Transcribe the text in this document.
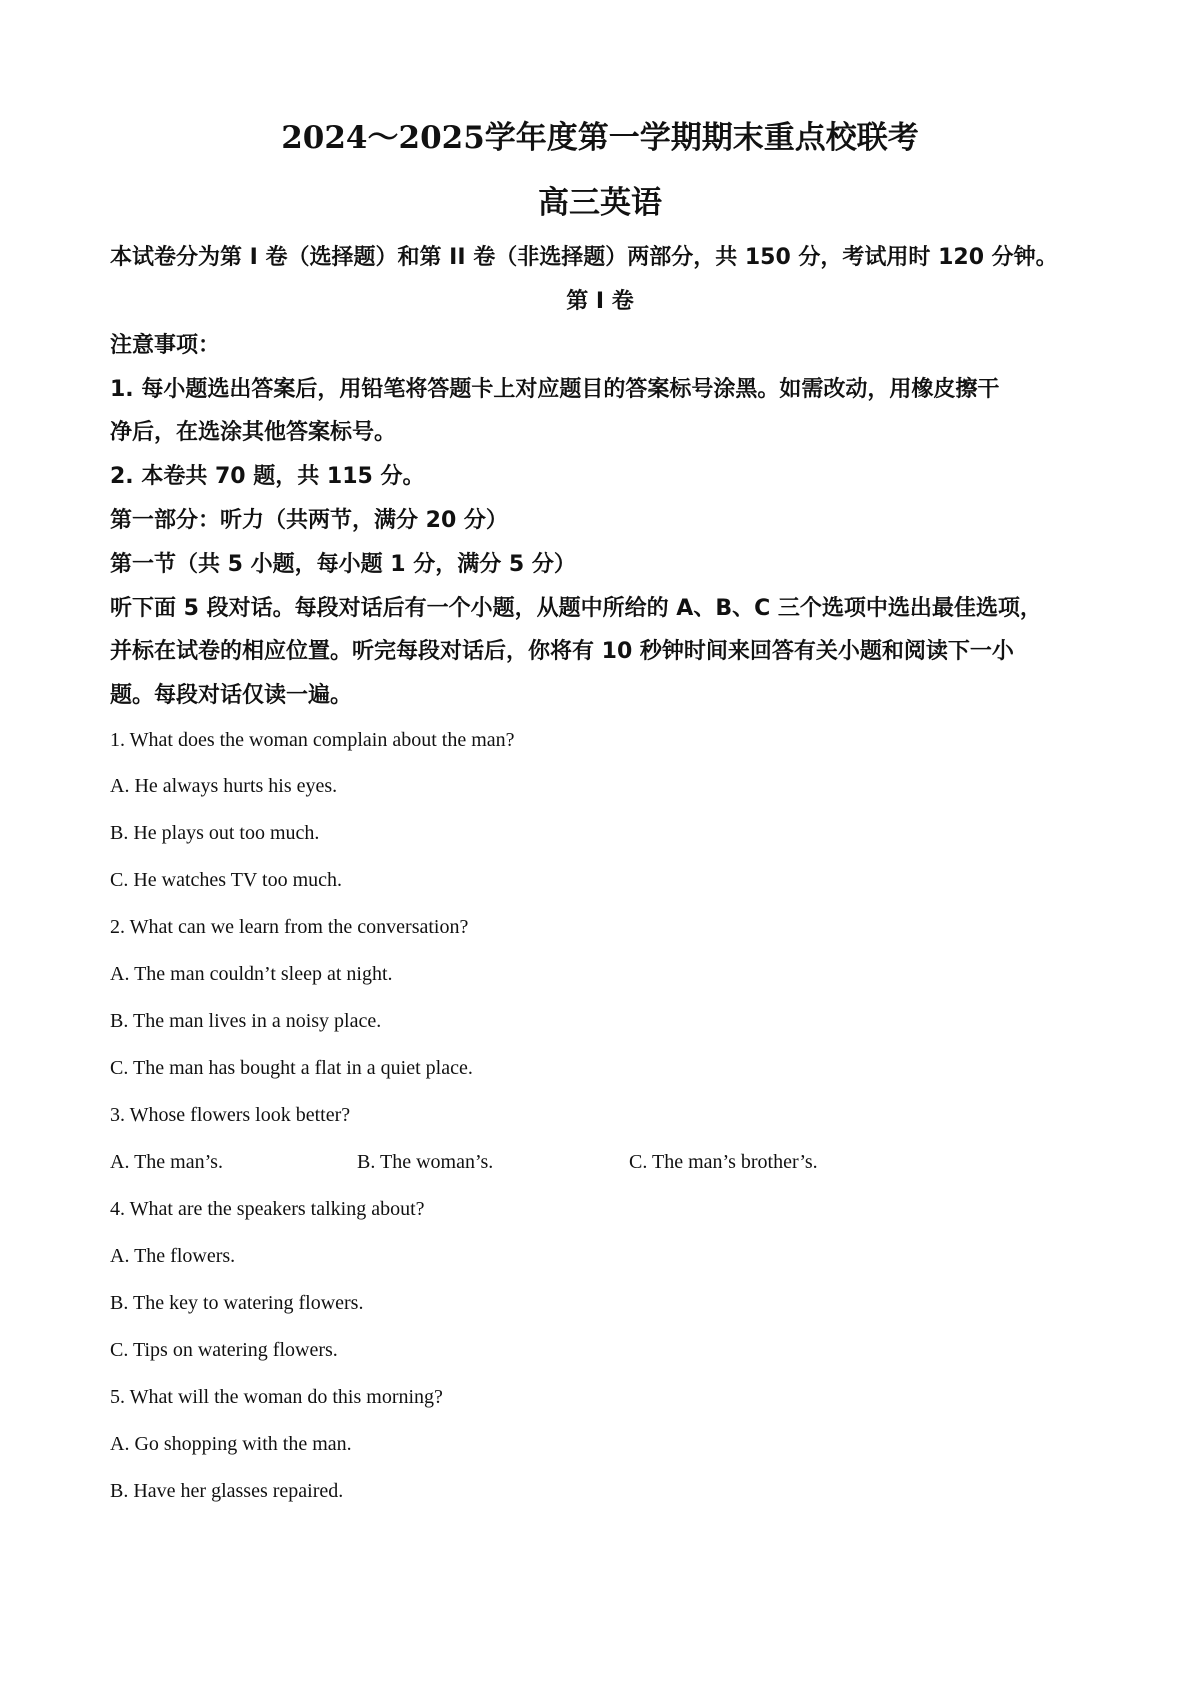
2024～2025学年度第一学期期末重点校联考
高三英语
本试卷分为第 I 卷（选择题）和第 II 卷（非选择题）两部分，共 150 分，考试用时 120 分钟。
第 I 卷
注意事项：
1. 每小题选出答案后，用铅笔将答题卡上对应题目的答案标号涂黑。如需改动，用橡皮擦干
净后，在选涂其他答案标号。
2. 本卷共 70 题，共 115 分。
第一部分：听力（共两节，满分 20 分）
第一节（共 5 小题，每小题 1 分，满分 5 分）
听下面 5 段对话。每段对话后有一个小题，从题中所给的 A、B、C 三个选项中选出最佳选项，
并标在试卷的相应位置。听完每段对话后，你将有 10 秒钟时间来回答有关小题和阅读下一小
题。每段对话仅读一遍。
1. What does the woman complain about the man?
A. He always hurts his eyes.
B. He plays out too much.
C. He watches TV too much.
2. What can we learn from the conversation?
A. The man couldn’t sleep at night.
B. The man lives in a noisy place.
C. The man has bought a flat in a quiet place.
3. Whose flowers look better?
A. The man’s.	B. The woman’s.	C. The man’s brother’s.
4. What are the speakers talking about?
A. The flowers.
B. The key to watering flowers.
C. Tips on watering flowers.
5. What will the woman do this morning?
A. Go shopping with the man.
B. Have her glasses repaired.
